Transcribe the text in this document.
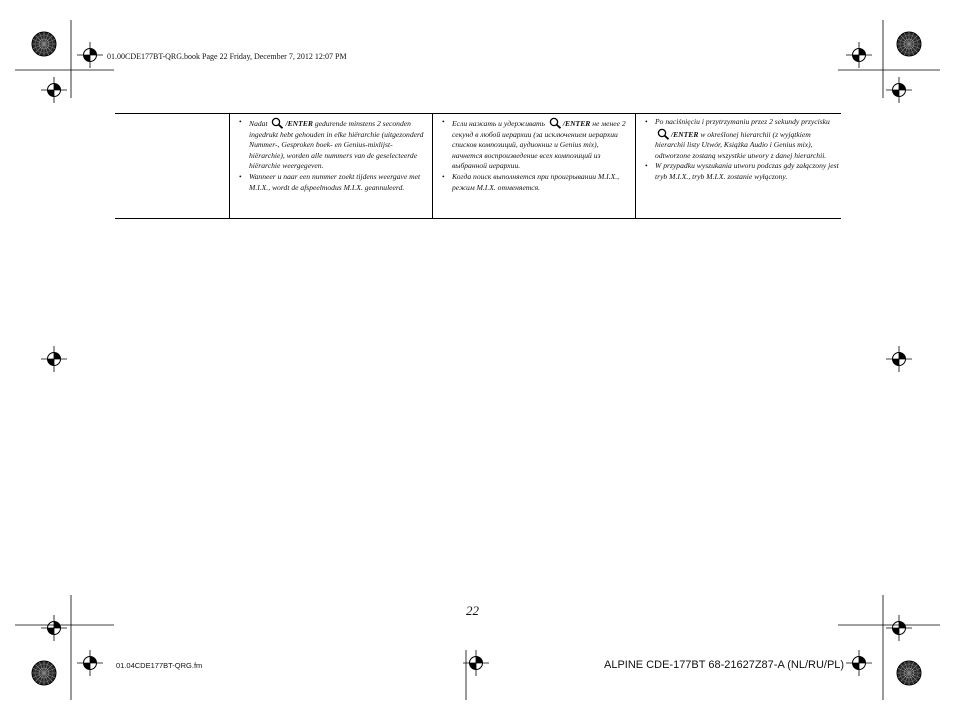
01.00CDE177BT-QRG.book Page 22 Friday, December 7, 2012 12:07 PM
• Nadat /ENTER gedurende minstens 2 seconden ingedrukt hebt gehouden in elke hiërarchie (uitgezonderd Nummer-, Gesproken boek- en Genius-mixlijst-hiërarchie), worden alle nummers van de geselecteerde hiërarchie weergegeven.
• Wanneer u naar een nummer zoekt tijdens weergave met M.I.X., wordt de afspeelmodus M.I.X. geannuleerd.
• Если нажать и удерживать /ENTER не менее 2 секунд в любой иерархии (за исключением иерархии списков композиций, аудиокниг и Genius mix), начнется воспроизведение всех композиций из выбранной иерархии.
• Когда поиск выполняется при проигрывании M.I.X., режим M.I.X. отменяется.
• Po naciśnięciu i przytrzymaniu przez 2 sekundy przycisku /ENTER w określonej hierarchii (z wyjątkiem hierarchii listy Utwór, Książka Audio i Genius mix), odtworzone zostaną wszystkie utwory z danej hierarchii.
• W przypadku wyszukania utworu podczas gdy załączony jest tryb M.I.X., tryb M.I.X. zostanie wyłączony.
22
01.04CDE177BT-QRG.fm	ALPINE CDE-177BT 68-21627Z87-A (NL/RU/PL)
